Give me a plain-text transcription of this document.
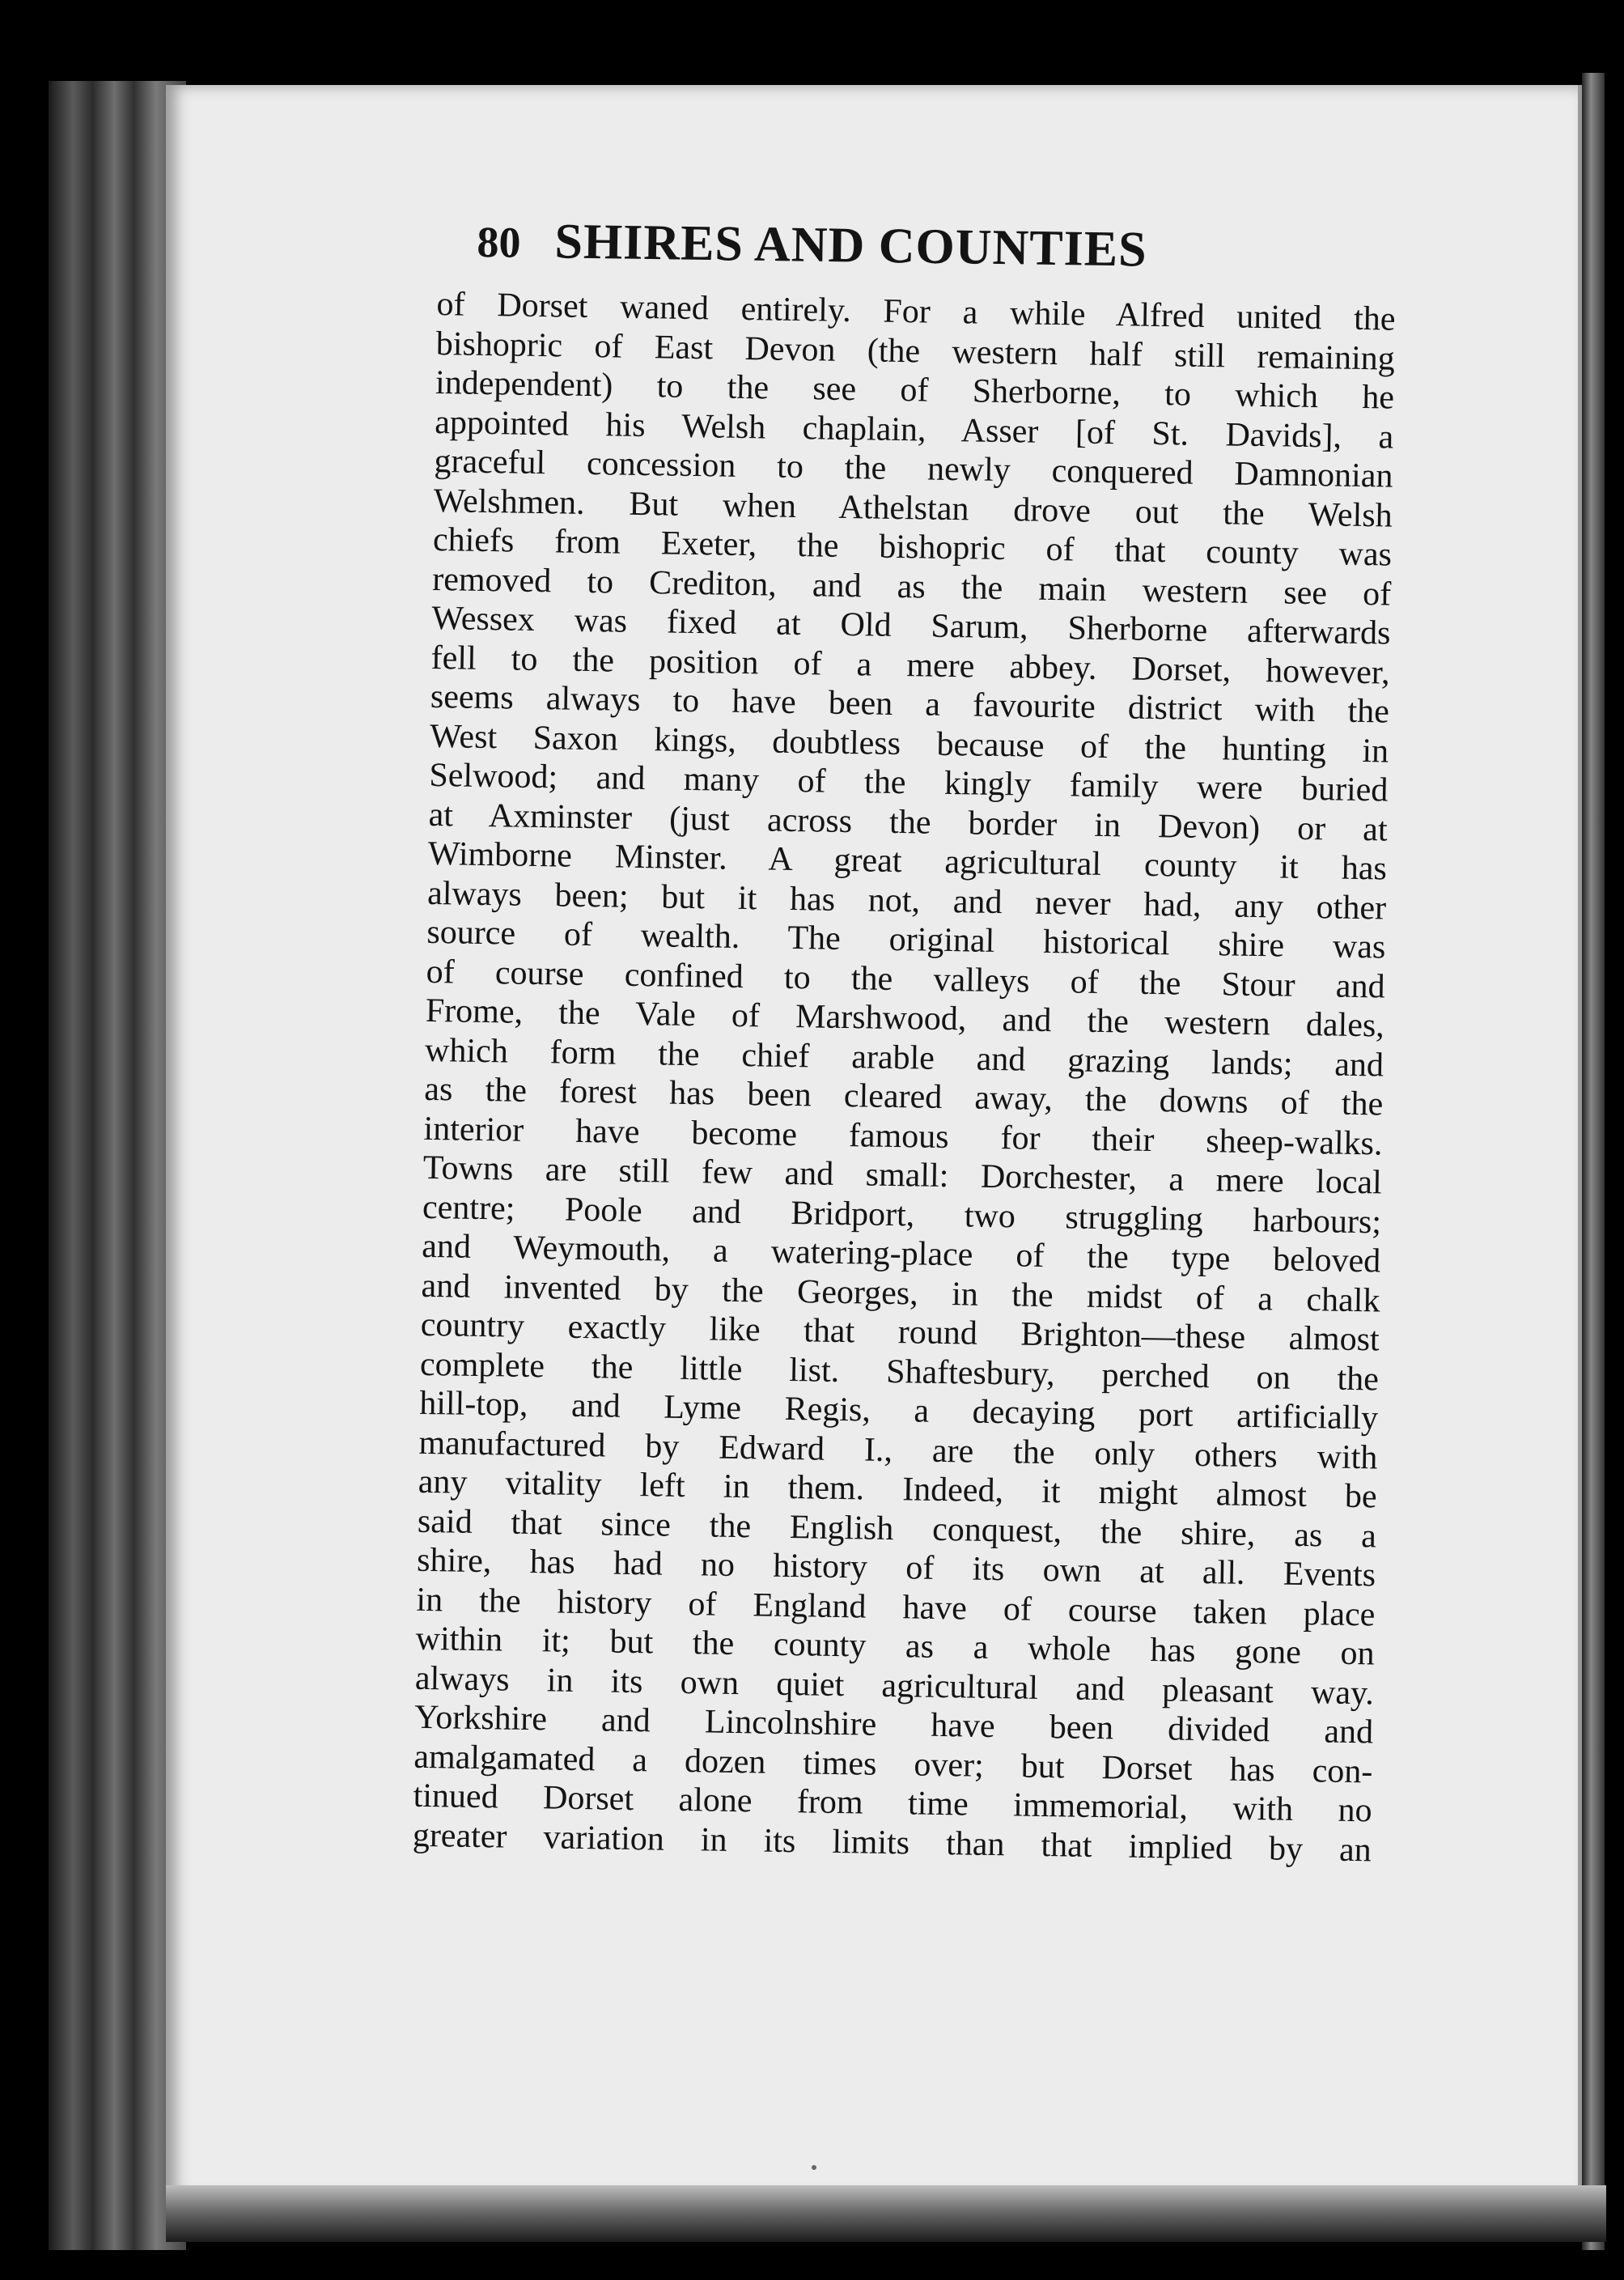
80 SHIRES AND COUNTIES
of Dorset waned entirely. For a while Alfred united the
bishopric of East Devon (the western half still remaining
independent) to the see of Sherborne, to which he
appointed his Welsh chaplain, Asser [of St. Davids], a
graceful concession to the newly conquered Damnonian
Welshmen. But when Athelstan drove out the Welsh
chiefs from Exeter, the bishopric of that county was
removed to Crediton, and as the main western see of
Wessex was fixed at Old Sarum, Sherborne afterwards
fell to the position of a mere abbey. Dorset, however,
seems always to have been a favourite district with the
West Saxon kings, doubtless because of the hunting in
Selwood; and many of the kingly family were buried
at Axminster (just across the border in Devon) or at
Wimborne Minster. A great agricultural county it has
always been; but it has not, and never had, any other
source of wealth. The original historical shire was
of course confined to the valleys of the Stour and
Frome, the Vale of Marshwood, and the western dales,
which form the chief arable and grazing lands; and
as the forest has been cleared away, the downs of the
interior have become famous for their sheep-walks.
Towns are still few and small: Dorchester, a mere local
centre; Poole and Bridport, two struggling harbours;
and Weymouth, a watering-place of the type beloved
and invented by the Georges, in the midst of a chalk
country exactly like that round Brighton—these almost
complete the little list. Shaftesbury, perched on the
hill-top, and Lyme Regis, a decaying port artificially
manufactured by Edward I., are the only others with
any vitality left in them. Indeed, it might almost be
said that since the English conquest, the shire, as a
shire, has had no history of its own at all. Events
in the history of England have of course taken place
within it; but the county as a whole has gone on
always in its own quiet agricultural and pleasant way.
Yorkshire and Lincolnshire have been divided and
amalgamated a dozen times over; but Dorset has con-
tinued Dorset alone from time immemorial, with no
greater variation in its limits than that implied by an
